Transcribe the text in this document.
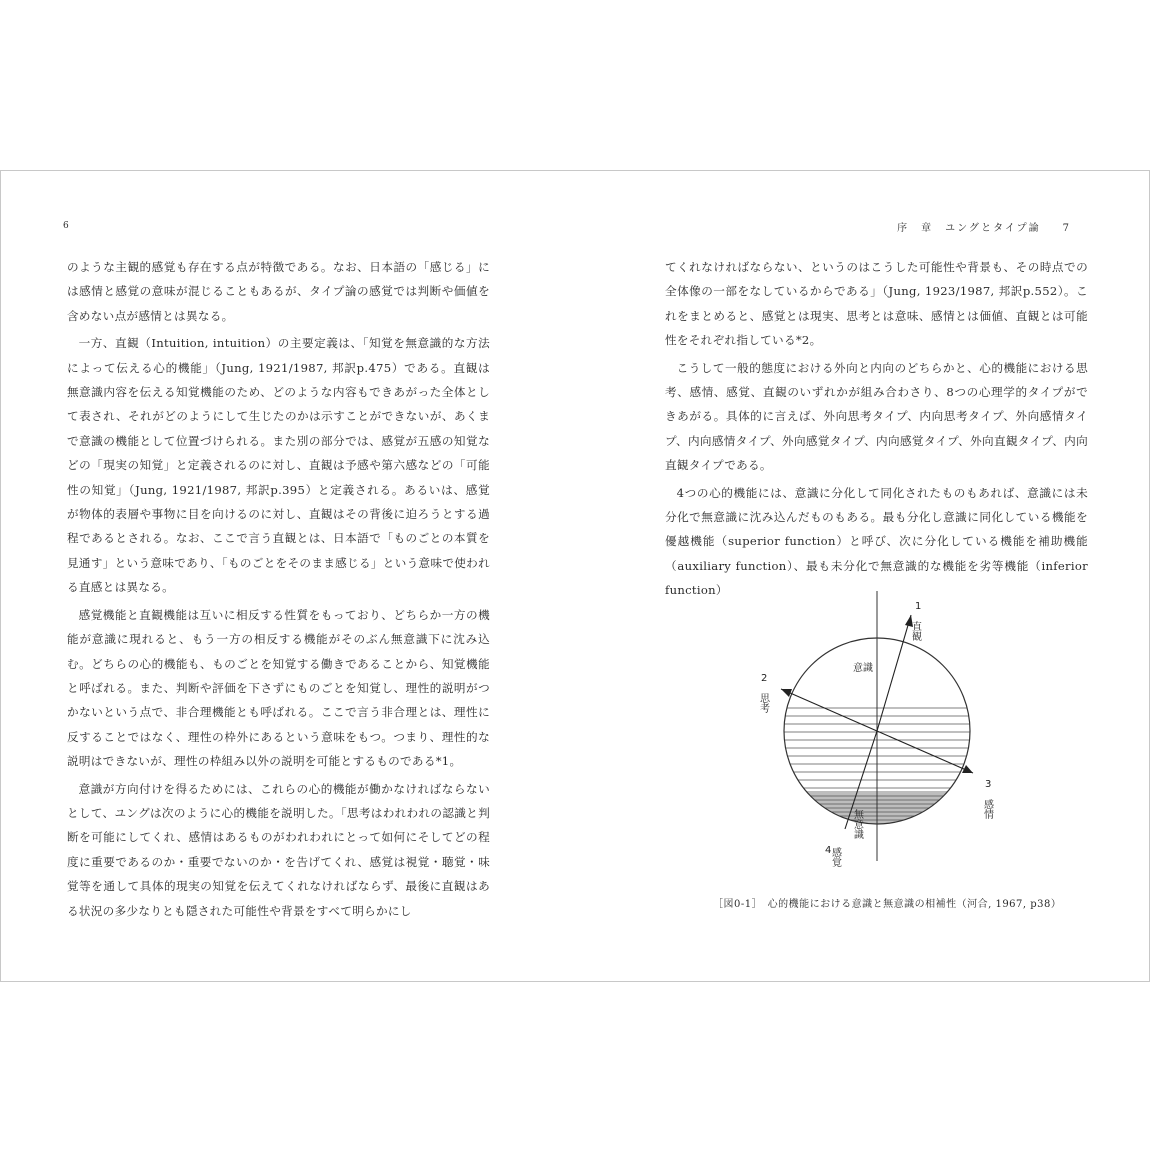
6	序　章　ユングとタイプ論 7

のような主観的感覚も存在する点が特徴である。なお、日本語の「感じる」には感情と感覚の意味が混じることもあるが、タイプ論の感覚では判断や価値を含めない点が感情とは異なる。

一方、直観（Intuition, intuition）の主要定義は、「知覚を無意識的な方法によって伝える心的機能」（Jung, 1921/1987, 邦訳p.475）である。直観は無意識内容を伝える知覚機能のため、どのような内容もできあがった全体として表され、それがどのようにして生じたのかは示すことができないが、あくまで意識の機能として位置づけられる。また別の部分では、感覚が五感の知覚などの「現実の知覚」と定義されるのに対し、直観は予感や第六感などの「可能性の知覚」（Jung, 1921/1987, 邦訳p.395）と定義される。あるいは、感覚が物体的表層や事物に目を向けるのに対し、直観はその背後に迫ろうとする過程であるとされる。なお、ここで言う直観とは、日本語で「ものごとの本質を見通す」という意味であり、「ものごとをそのまま感じる」という意味で使われる直感とは異なる。

感覚機能と直観機能は互いに相反する性質をもっており、どちらか一方の機能が意識に現れると、もう一方の相反する機能がそのぶん無意識下に沈み込む。どちらの心的機能も、ものごとを知覚する働きであることから、知覚機能と呼ばれる。また、判断や評価を下さずにものごとを知覚し、理性的説明がつかないという点で、非合理機能とも呼ばれる。ここで言う非合理とは、理性に反することではなく、理性の枠外にあるという意味をもつ。つまり、理性的な説明はできないが、理性の枠組み以外の説明を可能とするものである*1。

意識が方向付けを得るためには、これらの心的機能が働かなければならないとして、ユングは次のように心的機能を説明した。「思考はわれわれの認識と判断を可能にしてくれ、感情はあるものがわれわれにとって如何にそしてどの程度に重要であるのか・重要でないのか・を告げてくれ、感覚は視覚・聴覚・味覚等を通して具体的現実の知覚を伝えてくれなければならず、最後に直観はある状況の多少なりとも隠された可能性や背景をすべて明らかにし

てくれなければならない、というのはこうした可能性や背景も、その時点での全体像の一部をなしているからである」（Jung, 1923/1987, 邦訳p.552）。これをまとめると、感覚とは現実、思考とは意味、感情とは価値、直観とは可能性をそれぞれ指している*2。

こうして一般的態度における外向と内向のどちらかと、心的機能における思考、感情、感覚、直観のいずれかが組み合わさり、8つの心理学的タイプができあがる。具体的に言えば、外向思考タイプ、内向思考タイプ、外向感情タイプ、内向感情タイプ、外向感覚タイプ、内向感覚タイプ、外向直観タイプ、内向直観タイプである。

4つの心的機能には、意識に分化して同化されたものもあれば、意識には未分化で無意識に沈み込んだものもある。最も分化し意識に同化している機能を優越機能（superior function）と呼び、次に分化している機能を補助機能（auxiliary function）、最も未分化で無意識的な機能を劣等機能（inferior function）

意識
無意識
1
直観
2
思考
3
感情
4
感覚
［図0-1］　心的機能における意識と無意識の相補性（河合, 1967, p38）
